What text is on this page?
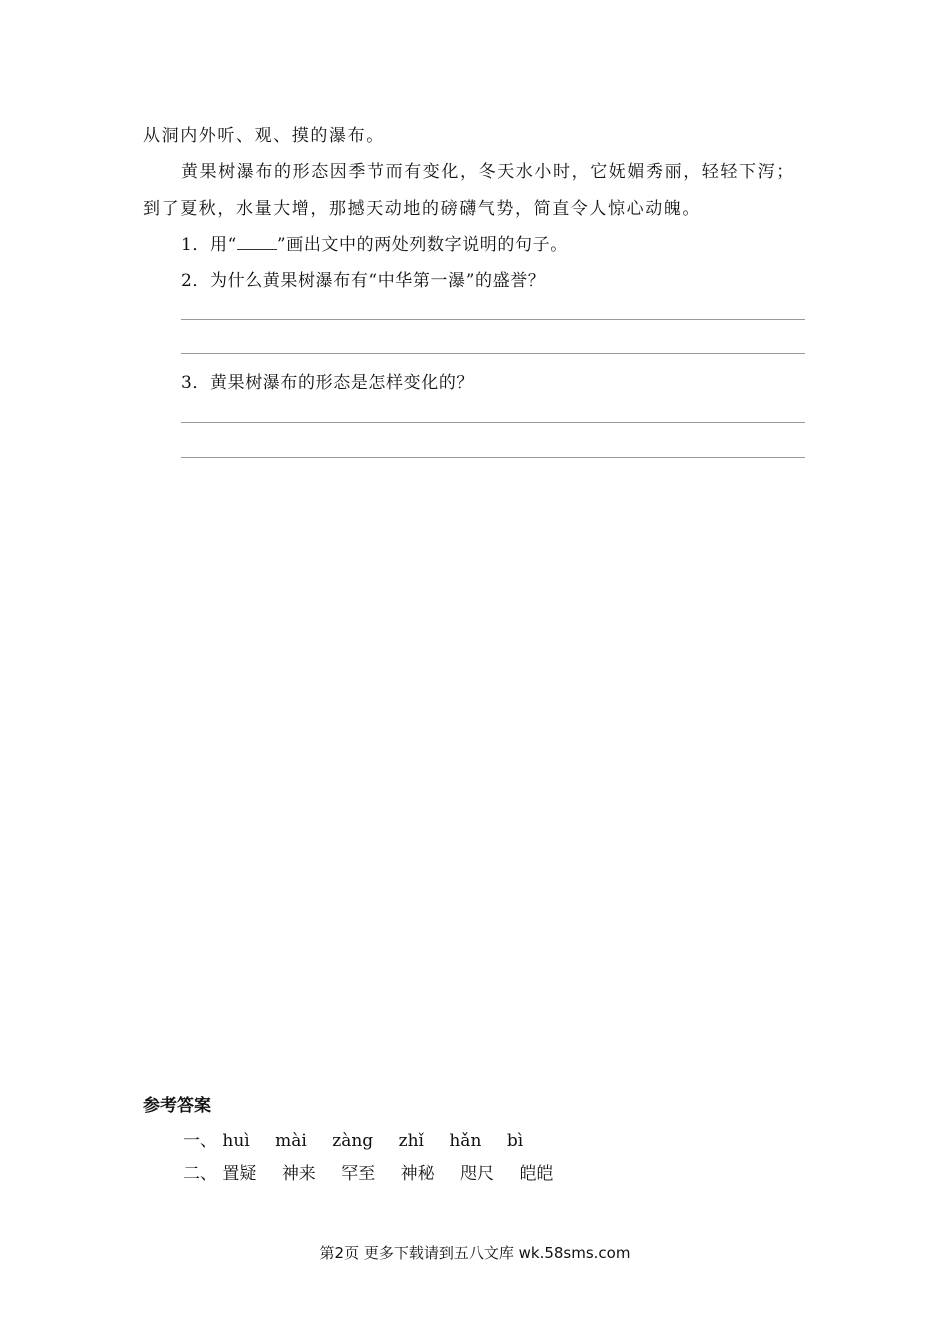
从洞内外听、观、摸的瀑布。
黄果树瀑布的形态因季节而有变化，冬天水小时，它妩媚秀丽，轻轻下泻；
到了夏秋，水量大增，那撼天动地的磅礴气势，简直令人惊心动魄。
1．用“ ”画出文中的两处列数字说明的句子。
2．为什么黄果树瀑布有“中华第一瀑”的盛誉？
3．黄果树瀑布的形态是怎样变化的？
参考答案
一、 huì mài zàng zhǐ hǎn bì
二、 置疑 神来 罕至 神秘 咫尺 皑皑
第2页 更多下载请到五八文库 wk.58sms.com
